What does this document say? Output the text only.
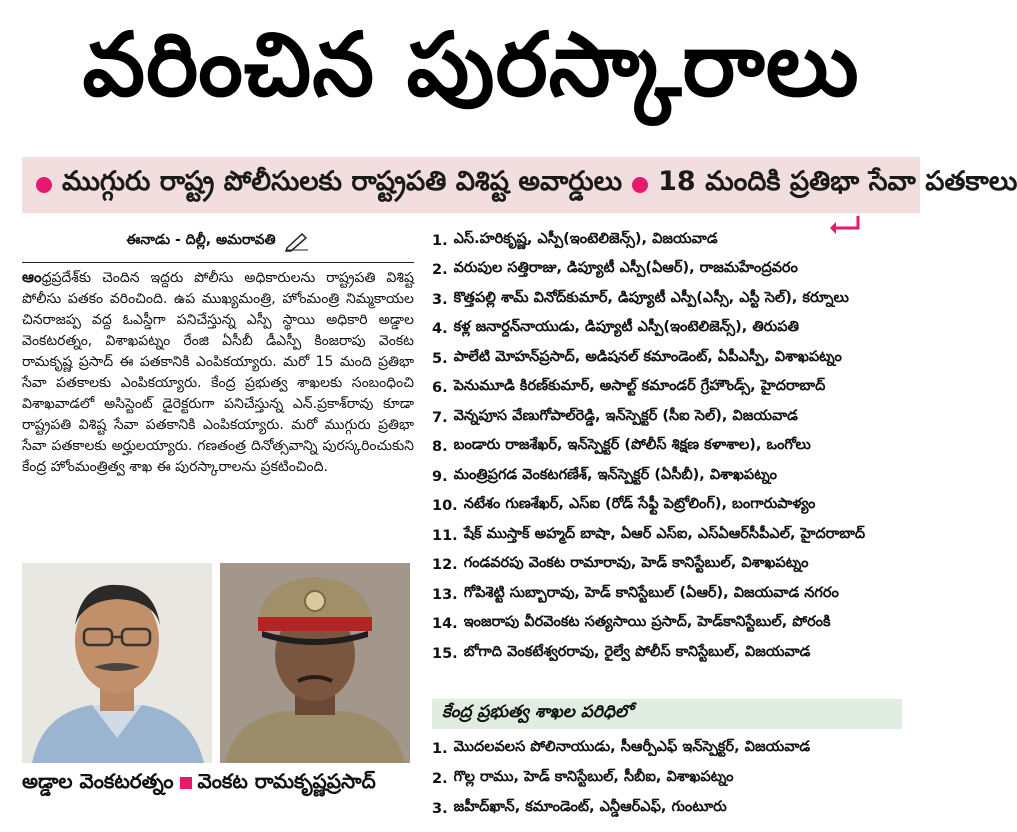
వరించిన పురస్కారాలు
ముగ్గురు రాష్ట్ర పోలీసులకు రాష్ట్రపతి విశిష్ట అవార్డులు 18 మందికి ప్రతిభా సేవా పతకాలు
ఈనాడు - దిల్లీ, అమరావతి

ఆంధ్రప్రదేశ్‌కు చెందిన ఇద్దరు పోలీసు అధికారులను రాష్ట్రపతి విశిష్ట పోలీసు పతకం వరించింది. ఉప ముఖ్యమంత్రి, హోంమంత్రి నిమ్మకాయల చినరాజప్ప వద్ద ఓఎస్డీగా పనిచేస్తున్న ఎస్పీ స్థాయి అధికారి అడ్డాల వెంకటరత్నం, విశాఖపట్నం రేంజి ఏసీబీ డీఎస్పీ కింజరాపు వెంకట రామకృష్ణ ప్రసాద్ ఈ పతకానికి ఎంపికయ్యారు. మరో 15 మంది ప్రతిభా సేవా పతకాలకు ఎంపికయ్యారు. కేంద్ర ప్రభుత్వ శాఖలకు సంబంధించి విశాఖవాడలో అసిస్టెంట్ డైరెక్టరుగా పనిచేస్తున్న ఎన్.ప్రకాశ్‌రావు కూడా రాష్ట్రపతి విశిష్ట సేవా పతకానికి ఎంపికయ్యారు. మరో ముగ్గురు ప్రతిభా సేవా పతకాలకు అర్హులయ్యారు. గణతంత్ర దినోత్సవాన్ని పురస్కరించుకుని కేంద్ర హోంమంత్రిత్వ శాఖ ఈ పురస్కారాలను ప్రకటించింది.

అడ్డాల వెంకటరత్నం వెంకట రామకృష్ణప్రసాద్
1. ఎస్.హరికృష్ణ, ఎస్పీ(ఇంటెలిజెన్స్), విజయవాడ
2. వరుపుల సత్తిరాజు, డిప్యూటీ ఎస్పీ(ఏఆర్), రాజమహేంద్రవరం
3. కొత్తపల్లి శామ్ వినోద్‌కుమార్, డిప్యూటీ ఎస్పీ(ఎస్సీ, ఎస్టీ సెల్), కర్నూలు
4. కళ్ల జనార్దన్‌నాయుడు, డిప్యూటీ ఎస్పీ(ఇంటెలిజెన్స్), తిరుపతి
5. పాలేటి మోహన్‌ప్రసాద్, అడిషనల్ కమాండెంట్, ఏపీఎస్పీ, విశాఖపట్నం
6. పెనుమూడి కిరణ్‌కుమార్, అసాల్ట్ కమాండర్ గ్రేహౌండ్స్, హైదరాబాద్
7. వెన్నపూస వేణుగోపాల్‌రెడ్డి, ఇన్‌స్పెక్టర్ (సీఐ సెల్), విజయవాడ
8. బండారు రాజశేఖర్, ఇన్‌స్పెక్టర్ (పోలీస్ శిక్షణ కళాశాల), ఒంగోలు
9. మంత్రిప్రగడ వెంకటగణేశ్, ఇన్‌స్పెక్టర్ (ఏసీబీ), విశాఖపట్నం
10. నటేశం గుణశేఖర్, ఎస్ఐ (రోడ్ సేఫ్టీ పెట్రోలింగ్), బంగారుపాళ్యం
11. షేక్ ముస్తాక్ అహ్మద్ బాషా, ఏఆర్ ఎస్ఐ, ఎస్ఏఆర్‌సీపీఎల్, హైదరాబాద్
12. గండవరపు వెంకట రామారావు, హెడ్ కానిస్టేబుల్, విశాఖపట్నం
13. గోపిశెట్టి సుబ్బారావు, హెడ్ కానిస్టేబుల్ (ఏఆర్), విజయవాడ నగరం
14. ఇంజరాపు వీరవెంకట సత్యసాయి ప్రసాద్, హెడ్‌కానిస్టేబుల్, పోరంకి
15. బోగాది వెంకటేశ్వరరావు, రైల్వే పోలీస్ కానిస్టేబుల్, విజయవాడ
కేంద్ర ప్రభుత్వ శాఖల పరిధిలో
1. మొదలవలస పోలినాయుడు, సీఆర్పీఎఫ్ ఇన్‌స్పెక్టర్, విజయవాడ
2. గొల్ల రాము, హెడ్ కానిస్టేబుల్, సీబీఐ, విశాఖపట్నం
3. జహీద్‌ఖాన్, కమాండెంట్, ఎన్డీఆర్ఎఫ్, గుంటూరు
